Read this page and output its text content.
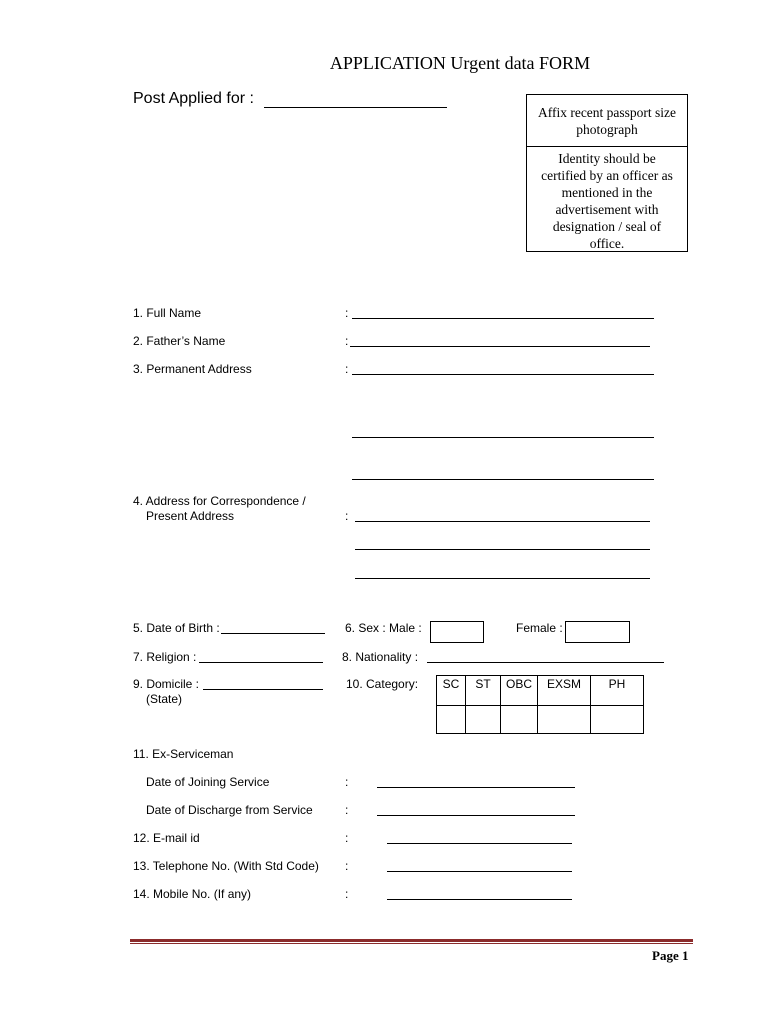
APPLICATION Urgent data FORM
Post Applied for :
Affix recent passport size photograph
Identity should be certified by an officer as mentioned in the advertisement with designation / seal of office.
1. Full Name	:
2. Father’s Name	:
3. Permanent Address	:
4. Address for Correspondence /
Present Address	:
5. Date of Birth :	6. Sex : Male :	Female :
7. Religion :	8. Nationality :
9. Domicile :
(State)
10. Category: SC	ST	OBC	EXSM	PH

11. Ex-Serviceman
Date of Joining Service	:
Date of Discharge from Service	:
12. E-mail id	:
13. Telephone No. (With Std Code) :
14. Mobile No. (If any)	:
Page 1
